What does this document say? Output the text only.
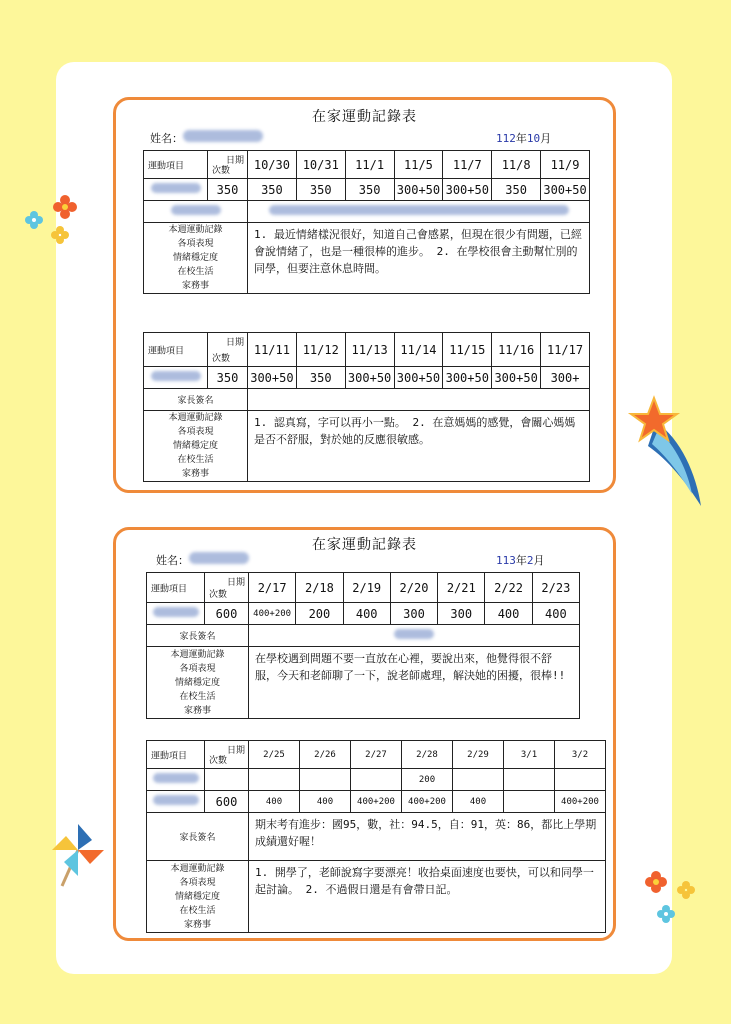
在家運動記錄表
姓名：	112年10月
運動項目	日期
次數	10/30	10/31	11/1	11/5	11/7	11/8	11/9
	350	350	350	350	300+50	300+50	350	300+50

本週運動記錄
各項表現
情緒穩定度
在校生活
家務事		1. 最近情緒樣況很好，知道自己會感累，但現在很少有問題，已經會說情緒了，也是一種很棒的進步。 2. 在學校很會主動幫忙別的同學，但要注意休息時間。						
運動項目	日期
次數	11/11	11/12	11/13	11/14	11/15	11/16	11/17
	350	300+50	350	300+50	300+50	300+50	300+50	300+
家長簽名								

本週運動記錄
各項表現
情緒穩定度
在校生活
家務事		1. 認真寫，字可以再小一點。 2. 在意媽媽的感覺，會關心媽媽是否不舒服，對於她的反應很敏感。						
在家運動記錄表
姓名：	113年2月
運動項目	日期
次數	2/17	2/18	2/19	2/20	2/21	2/22	2/23
	600	400+200	200	400	300	300	400	400
家長簽名								

本週運動記錄
各項表現
情緒穩定度
在校生活
家務事		在學校遇到問題不要一直放在心裡，要說出來，他覺得很不舒服，今天和老師聊了一下，說老師處理，解決她的困擾，很棒!!						
運動項目	日期
次數	2/25	2/26	2/27	2/28	2/29	3/1	3/2
					200			
	600	400	400	400+200	400+200	400		400+200
家長簽名		期末考有進步：國95，數，社：94.5，自：91，英：86，都比上學期成績還好喔！						

本週運動記錄
各項表現
情緒穩定度
在校生活
家務事		1. 開學了，老師說寫字要漂亮！收拾桌面速度也要快，可以和同學一起討論。 2. 不過假日還是有會帶日記。						
